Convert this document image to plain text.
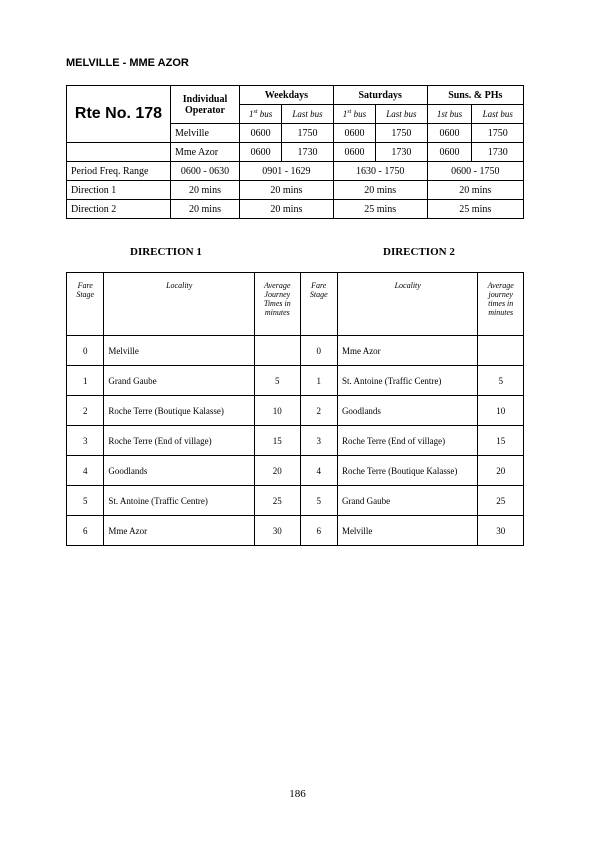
MELVILLE - MME AZOR
Rte No. 178	Individual Operator	Weekdays		Saturdays		Suns. & PHs	
		1st bus	Last bus	1st bus	Last bus	1st bus	Last bus
	Melville	0600	1750	0600	1750	0600	1750
	Mme Azor	0600	1730	0600	1730	0600	1730
Period Freq. Range	0600 - 0630	0901 - 1629		1630 - 1750		0600 - 1750	
Direction 1	20 mins	20 mins		20 mins		20 mins	
Direction 2	20 mins	20 mins		25 mins		25 mins	
DIRECTION 1	DIRECTION 2
Fare Stage	Locality	Average Journey Times in minutes	Fare Stage	Locality	Average journey times in minutes
0	Melville		0	Mme Azor	
1	Grand Gaube	5	1	St. Antoine (Traffic Centre)	5
2	Roche Terre (Boutique Kalasse)	10	2	Goodlands	10
3	Roche Terre (End of village)	15	3	Roche Terre (End of village)	15
4	Goodlands	20	4	Roche Terre (Boutique Kalasse)	20
5	St. Antoine (Traffic Centre)	25	5	Grand Gaube	25
6	Mme Azor	30	6	Melville	30
186
